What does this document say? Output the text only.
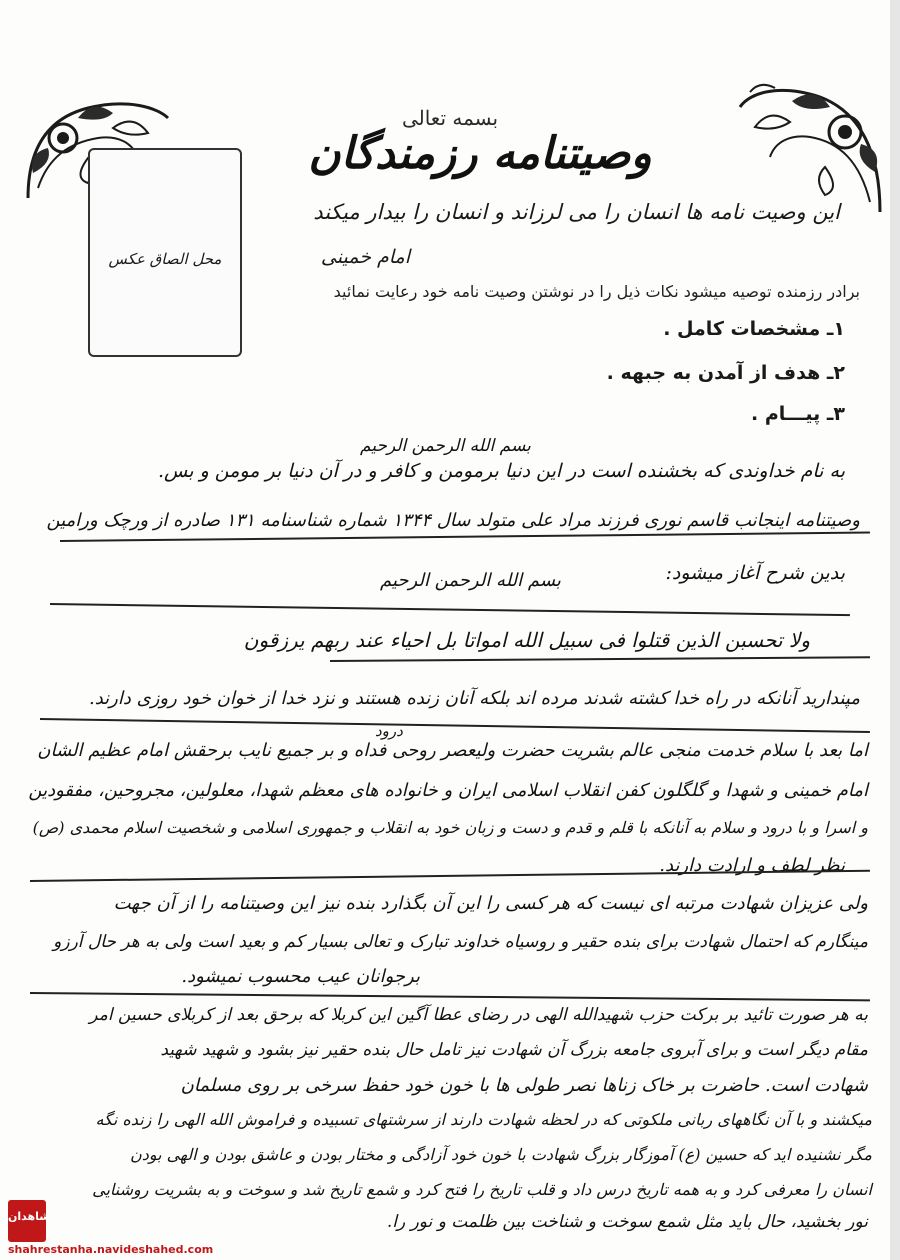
بسمه تعالی
وصیتنامه رزمندگان
این وصیت نامه ها انسان را می لرزاند و انسان را بیدار میکند
امام خمینی
برادر رزمنده توصیه میشود نکات ذیل را در نوشتن وصیت نامه خود رعایت نمائید
محل الصاق عکس
۱ـ مشخصات کامل .
۲ـ هدف از آمدن به جبهه .
۳ـ پیـــام .
بسم الله الرحمن الرحیم
به نام خداوندی که بخشنده است در این دنیا برمومن و کافر و در آن دنیا بر مومن و بس.
وصیتنامه اینجانب قاسم نوری فرزند مراد علی متولد سال ۱۳۴۴ شماره شناسنامه ۱۳۱ صادره از ورچک ورامین
بدین شرح آغاز میشود:
بسم الله الرحمن الرحیم
ولا تحسبن الذین قتلوا فی سبیل الله امواتا بل احیاء عند ربهم یرزقون
مپندارید آنانکه در راه خدا کشته شدند مرده اند بلکه آنان زنده هستند و نزد خدا از خوان خود روزی دارند.
درود
اما بعد با سلام خدمت منجی عالم بشریت حضرت ولیعصر روحی فداه و بر جمیع نایب برحقش امام عظیم الشان
امام خمینی و شهدا و گلگلون کفن انقلاب اسلامی ایران و خانواده های معظم شهدا، معلولین، مجروحین، مفقودین
و اسرا و با درود و سلام به آنانکه با قلم و قدم و دست و زبان خود به انقلاب و جمهوری اسلامی و شخصیت اسلام محمدی (ص)
نظر لطف و ارادت دارند.
ولی عزیزان شهادت مرتبه ای نیست که هر کسی را این آن بگذارد بنده نیز این وصیتنامه را از آن جهت
مینگارم که احتمال شهادت برای بنده حقیر و روسیاه خداوند تبارک و تعالی بسیار کم و بعید است ولی به هر حال آرزو
برجوانان عیب محسوب نمیشود.
به هر صورت تائید بر برکت حزب شهیدالله الهی در رضای عطا آگین این کربلا که برحق بعد از کربلای حسین امر
مقام دیگر است و برای آبروی جامعه بزرگ آن شهادت نیز تامل حال بنده حقیر نیز بشود و شهید شهید
شهادت است. حاضرت بر خاک زناها نصر طولی ها با خون خود حفظ سرخی بر روی مسلمان
میکشند و با آن نگاههای ربانی ملکوتی که در لحظه شهادت دارند از سرشتهای تسبیده و فراموش الله الهی را زنده نگه
مگر نشنیده اید که حسین (ع) آموزگار بزرگ شهادت با خون خود آزادگی و مختار بودن و عاشق بودن و الهی بودن
انسان را معرفی کرد و به همه تاریخ درس داد و قلب تاریخ را فتح کرد و شمع تاریخ شد و سوخت و به بشریت روشنایی
نور بخشید، حال باید مثل شمع سوخت و شناخت بین ظلمت و نور را.
شاهدان
shahrestanha.navideshahed.com
